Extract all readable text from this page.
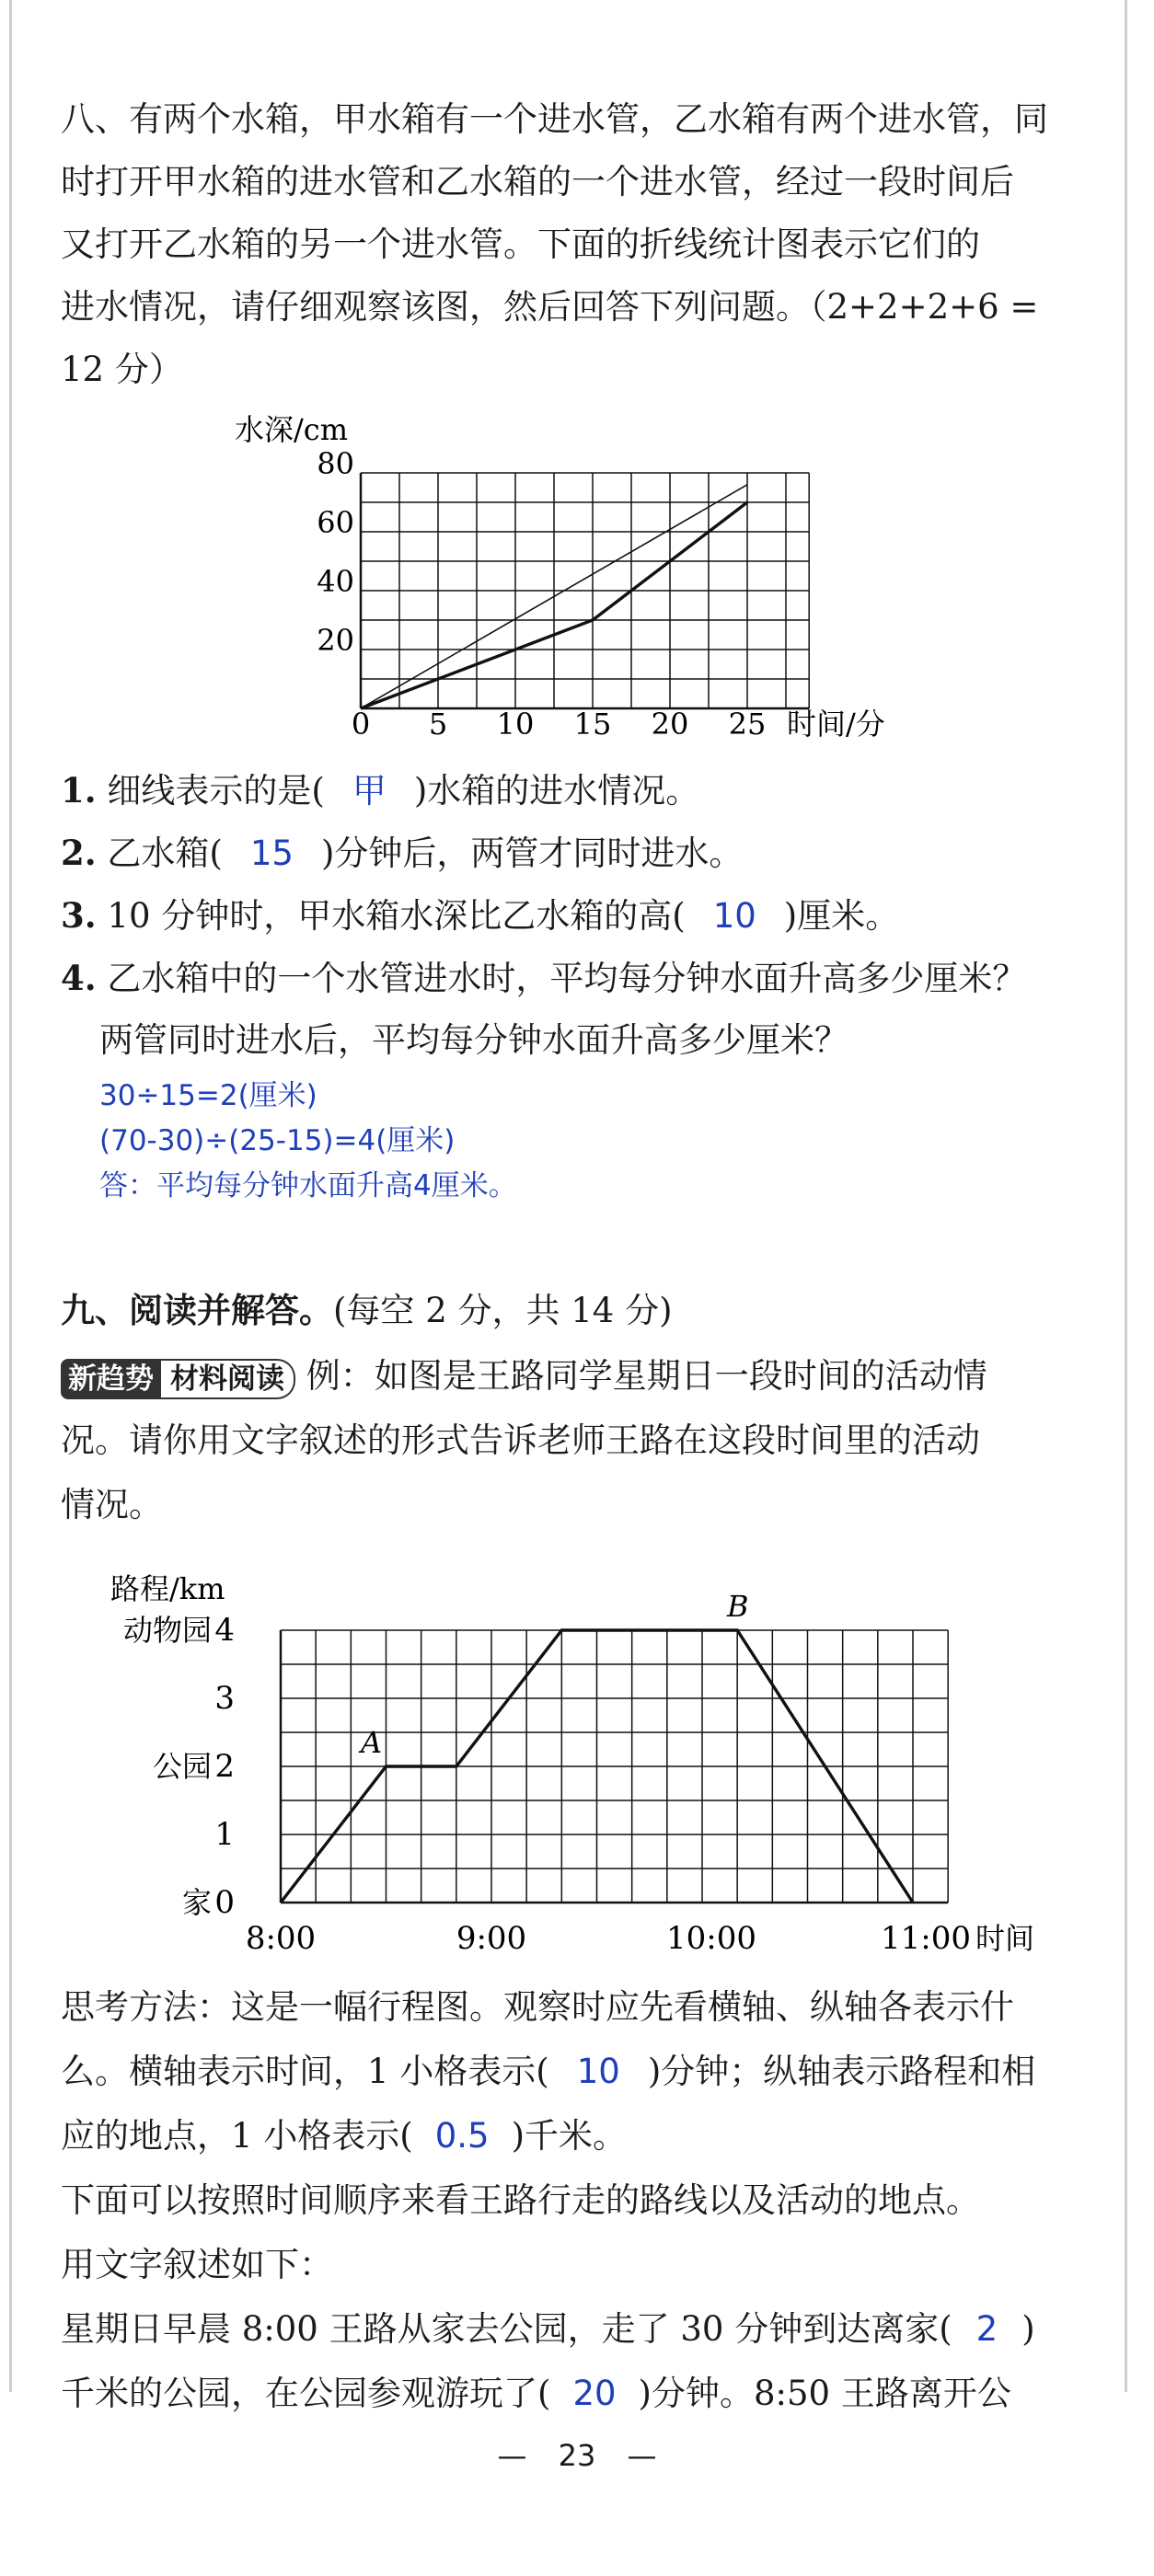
八、有两个水箱，甲水箱有一个进水管，乙水箱有两个进水管，同
时打开甲水箱的进水管和乙水箱的一个进水管，经过一段时间后
又打开乙水箱的另一个进水管。下面的折线统计图表示它们的
进水情况，请仔细观察该图，然后回答下列问题。（2+2+2+6 =
12 分）
水深/cm
20
40
60
80
0 5 10 15 20 25 时间/分
1. 细线表示的是( 甲 )水箱的进水情况。
2. 乙水箱( 15 )分钟后，两管才同时进水。
3. 10 分钟时，甲水箱水深比乙水箱的高( 10 )厘米。
4. 乙水箱中的一个水管进水时，平均每分钟水面升高多少厘米？
两管同时进水后，平均每分钟水面升高多少厘米？
30÷15=2(厘米)
(70-30)÷(25-15)=4(厘米)
答：平均每分钟水面升高4厘米。
九、阅读并解答。(每空 2 分，共 14 分)
新趋势 材料阅读 例：如图是王路同学星期日一段时间的活动情
况。请你用文字叙述的形式告诉老师王路在这段时间里的活动
情况。
路程/km
4
3
2
1
0
动物园
公园
家
8:00	9:00	10:00	11:00 时间
A
B
思考方法：这是一幅行程图。观察时应先看横轴、纵轴各表示什
么。横轴表示时间，1 小格表示( 10 )分钟；纵轴表示路程和相
应的地点，1 小格表示( 0.5 )千米。
下面可以按照时间顺序来看王路行走的路线以及活动的地点。
用文字叙述如下：
星期日早晨 8:00 王路从家去公园，走了 30 分钟到达离家( 2 )
千米的公园，在公园参观游玩了( 20 )分钟。8:50 王路离开公
— 23 —
